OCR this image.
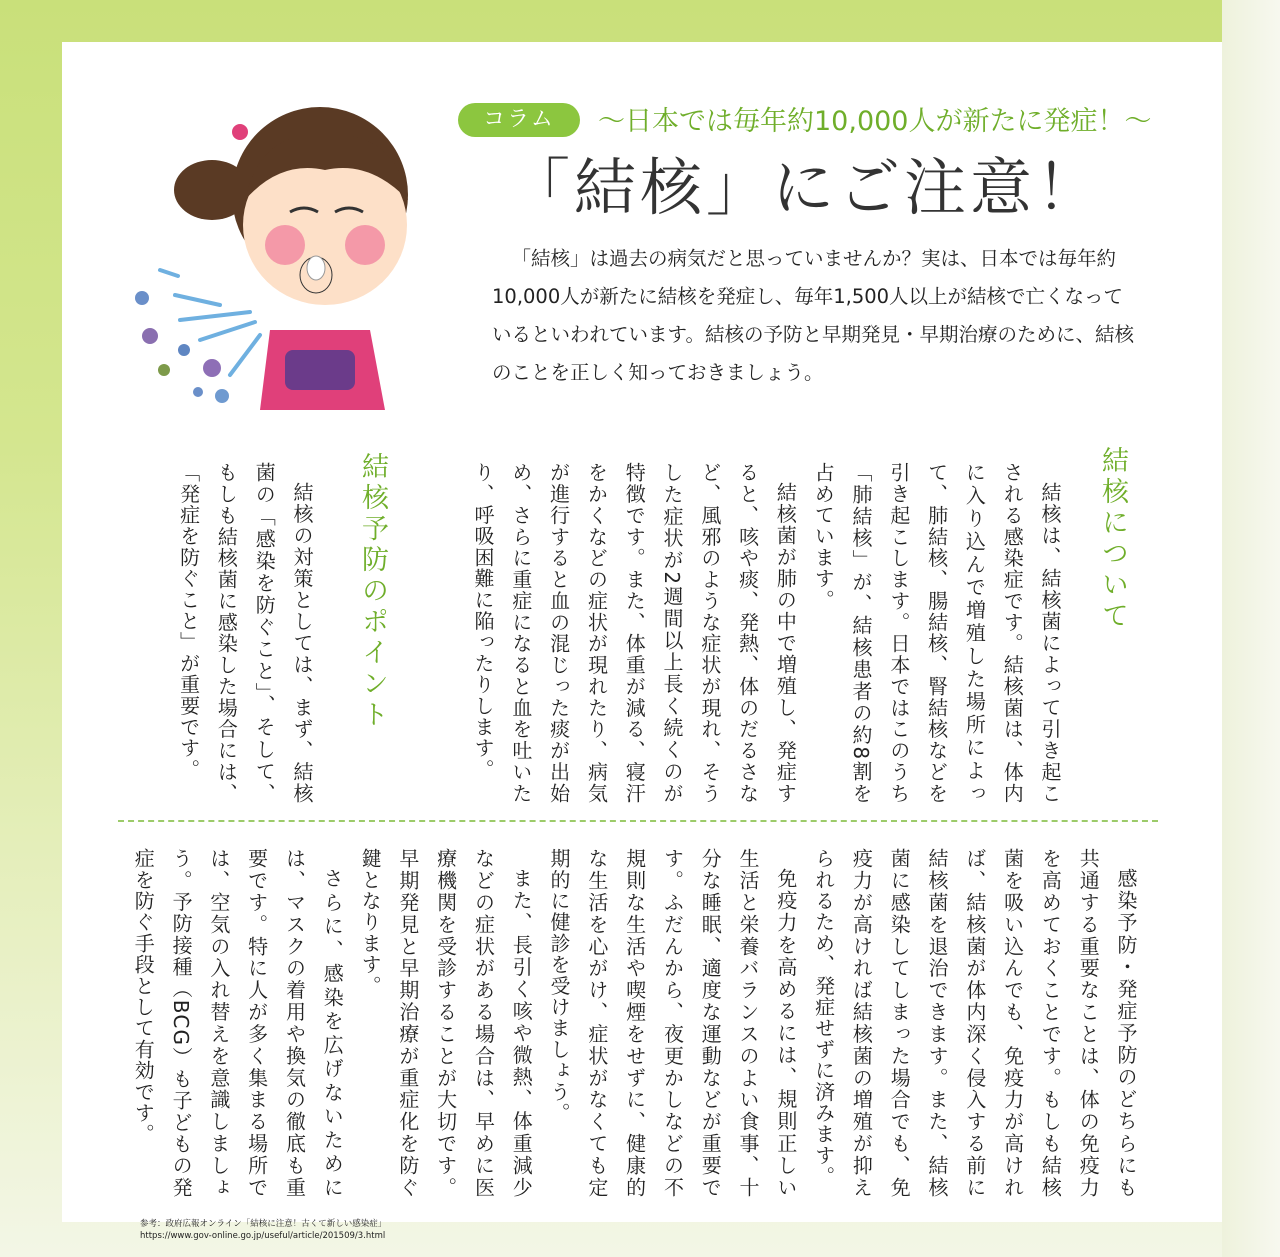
コラム	〜日本では毎年約10,000人が新たに発症！〜
「結核」にご注意！
「結核」は過去の病気だと思っていませんか？実は、日本では毎年約10,000人が新たに結核を発症し、毎年1,500人以上が結核で亡くなっているといわれています。結核の予防と早期発見・早期治療のために、結核のことを正しく知っておきましょう。
結核について

結核は、結核菌によって引き起こされる感染症です。結核菌は、体内に入り込んで増殖した場所によって、肺結核、腸結核、腎結核などを引き起こします。日本ではこのうち「肺結核」が、結核患者の約8割を占めています。

結核菌が肺の中で増殖し、発症すると、咳や痰、発熱、体のだるさなど、風邪のような症状が現れ、そうした症状が2週間以上長く続くのが特徴です。また、体重が減る、寝汗をかくなどの症状が現れたり、病気が進行すると血の混じった痰が出始め、さらに重症になると血を吐いたり、呼吸困難に陥ったりします。

結核予防のポイント

結核の対策としては、まず、結核菌の「感染を防ぐこと」、そして、もしも結核菌に感染した場合には、「発症を防ぐこと」が重要です。

感染予防・発症予防のどちらにも共通する重要なことは、体の免疫力を高めておくことです。もしも結核菌を吸い込んでも、免疫力が高ければ、結核菌が体内深く侵入する前に結核菌を退治できます。また、結核菌に感染してしまった場合でも、免疫力が高ければ結核菌の増殖が抑えられるため、発症せずに済みます。

免疫力を高めるには、規則正しい生活と栄養バランスのよい食事、十分な睡眠、適度な運動などが重要です。ふだんから、夜更かしなどの不規則な生活や喫煙をせずに、健康的な生活を心がけ、症状がなくても定期的に健診を受けましょう。

また、長引く咳や微熱、体重減少などの症状がある場合は、早めに医療機関を受診することが大切です。早期発見と早期治療が重症化を防ぐ鍵となります。

さらに、感染を広げないためには、マスクの着用や換気の徹底も重要です。特に人が多く集まる場所では、空気の入れ替えを意識しましょう。予防接種（BCG）も子どもの発症を防ぐ手段として有効です。

参考：政府広報オンライン「結核に注意！古くて新しい感染症」
https://www.gov-online.go.jp/useful/article/201509/3.html
